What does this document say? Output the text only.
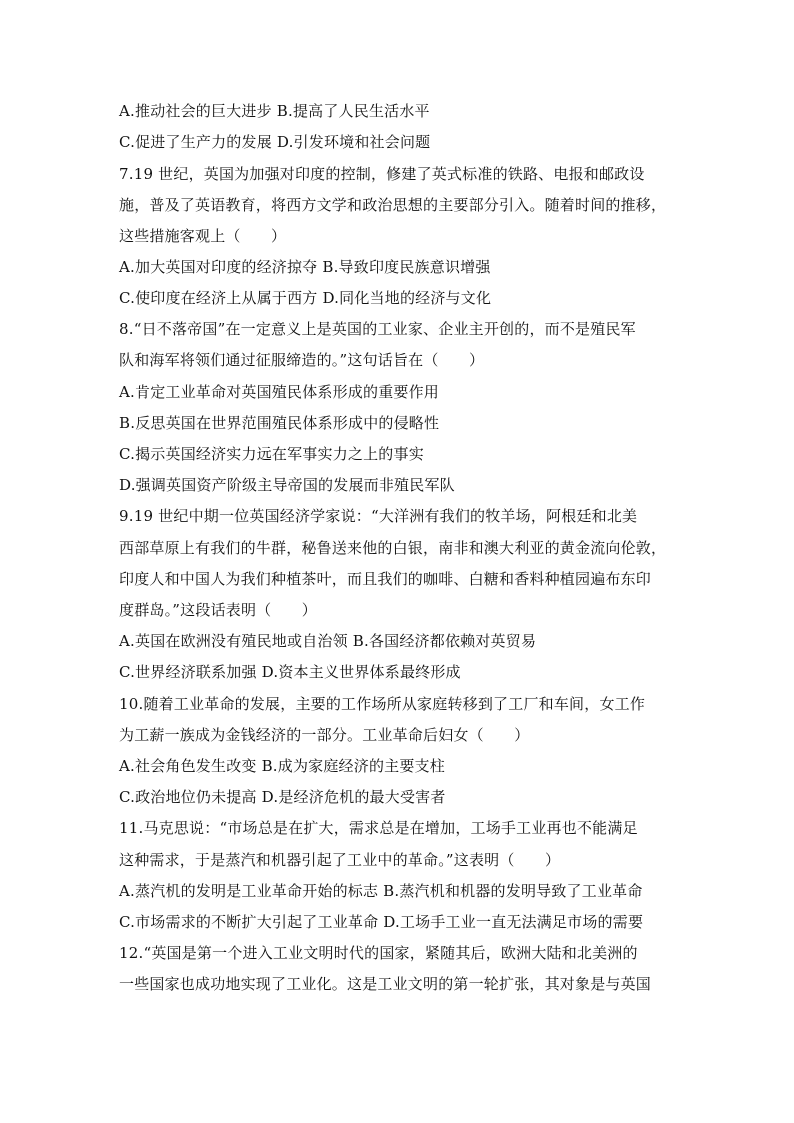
A.推动社会的巨大进步 B.提高了人民生活水平
C.促进了生产力的发展 D.引发环境和社会问题
7.19 世纪，英国为加强对印度的控制，修建了英式标准的铁路、电报和邮政设
施，普及了英语教育，将西方文学和政治思想的主要部分引入。随着时间的推移，
这些措施客观上（　　）
A.加大英国对印度的经济掠夺 B.导致印度民族意识增强
C.使印度在经济上从属于西方 D.同化当地的经济与文化
8.“日不落帝国”在一定意义上是英国的工业家、企业主开创的，而不是殖民军
队和海军将领们通过征服缔造的。”这句话旨在（　　）
A.肯定工业革命对英国殖民体系形成的重要作用
B.反思英国在世界范围殖民体系形成中的侵略性
C.揭示英国经济实力远在军事实力之上的事实
D.强调英国资产阶级主导帝国的发展而非殖民军队
9.19 世纪中期一位英国经济学家说：“大洋洲有我们的牧羊场，阿根廷和北美
西部草原上有我们的牛群，秘鲁送来他的白银，南非和澳大利亚的黄金流向伦敦，
印度人和中国人为我们种植茶叶，而且我们的咖啡、白糖和香料种植园遍布东印
度群岛。”这段话表明（　　）
A.英国在欧洲没有殖民地或自治领 B.各国经济都依赖对英贸易
C.世界经济联系加强 D.资本主义世界体系最终形成
10.随着工业革命的发展，主要的工作场所从家庭转移到了工厂和车间，女工作
为工薪一族成为金钱经济的一部分。工业革命后妇女（　　）
A.社会角色发生改变 B.成为家庭经济的主要支柱
C.政治地位仍未提高 D.是经济危机的最大受害者
11.马克思说：“市场总是在扩大，需求总是在增加，工场手工业再也不能满足
这种需求，于是蒸汽和机器引起了工业中的革命。”这表明（　　）
A.蒸汽机的发明是工业革命开始的标志 B.蒸汽机和机器的发明导致了工业革命
C.市场需求的不断扩大引起了工业革命 D.工场手工业一直无法满足市场的需要
12.“英国是第一个进入工业文明时代的国家，紧随其后，欧洲大陆和北美洲的
一些国家也成功地实现了工业化。这是工业文明的第一轮扩张，其对象是与英国
